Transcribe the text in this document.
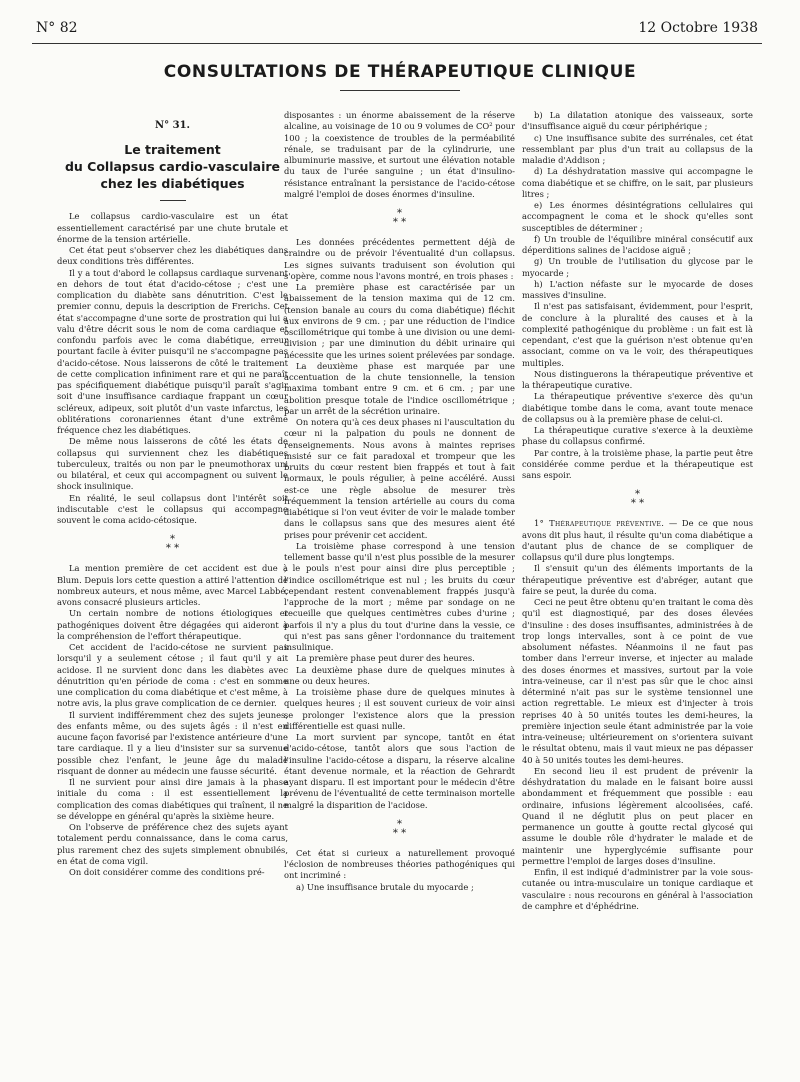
N° 82	12 Octobre 1938
CONSULTATIONS DE THÉRAPEUTIQUE CLINIQUE
N° 31.
Le traitement
du Collapsus cardio-vasculaire
chez les diabétiques

Le collapsus cardio-vasculaire est un état essentiellement caractérisé par une chute brutale et énorme de la tension artérielle.

Cet état peut s'observer chez les diabétiques dans deux conditions très différentes.

Il y a tout d'abord le collapsus cardiaque survenant en dehors de tout état d'acido-cétose ; c'est une complication du diabète sans dénutrition. C'est le premier connu, depuis la description de Frerichs. Cet état s'accompagne d'une sorte de prostration qui lui a valu d'être décrit sous le nom de coma cardiaque et confondu parfois avec le coma diabétique, erreur pourtant facile à éviter puisqu'il ne s'accompagne pas d'acido-cétose. Nous laisserons de côté le traitement de cette complication infiniment rare et qui ne paraît pas spécifiquement diabétique puisqu'il paraît s'agir soit d'une insuffisance cardiaque frappant un cœur scléreux, adipeux, soit plutôt d'un vaste infarctus, les oblitérations coronariennes étant d'une extrême fréquence chez les diabétiques.

De même nous laisserons de côté les états de collapsus qui surviennent chez les diabétiques tuberculeux, traités ou non par le pneumothorax uni ou bilatéral, et ceux qui accompagnent ou suivent le shock insulinique.

En réalité, le seul collapsus dont l'intérêt soit indiscutable c'est le collapsus qui accompagne souvent le coma acido-cétosique.

*
* *

La mention première de cet accident est due à Blum. Depuis lors cette question a attiré l'attention de nombreux auteurs, et nous même, avec Marcel Labbé, avons consacré plusieurs articles.

Un certain nombre de notions étiologiques et pathogéniques doivent être dégagées qui aideront à la compréhension de l'effort thérapeutique.

Cet accident de l'acido-cétose ne survient pas lorsqu'il y a seulement cétose ; il faut qu'il y ait acidose. Il ne survient donc dans les diabètes avec dénutrition qu'en période de coma : c'est en somme une complication du coma diabétique et c'est même, à notre avis, la plus grave complication de ce dernier.

Il survient indifféremment chez des sujets jeunes, des enfants même, ou des sujets âgés : il n'est en aucune façon favorisé par l'existence antérieure d'une tare cardiaque. Il y a lieu d'insister sur sa survenue possible chez l'enfant, le jeune âge du malade risquant de donner au médecin une fausse sécurité.

Il ne survient pour ainsi dire jamais à la phase initiale du coma : il est essentiellement la complication des comas diabétiques qui traînent, il ne se développe en général qu'après la sixième heure.

On l'observe de préférence chez des sujets ayant totalement perdu connaissance, dans le coma carus, plus rarement chez des sujets simplement obnubilés, en état de coma vigil.

On doit considérer comme des conditions pré-

disposantes : un énorme abaissement de la réserve alcaline, au voisinage de 10 ou 9 volumes de CO² pour 100 ; la coexistence de troubles de la perméabilité rénale, se traduisant par de la cylindrurie, une albuminurie massive, et surtout une élévation notable du taux de l'urée sanguine ; un état d'insulino-résistance entraînant la persistance de l'acido-cétose malgré l'emploi de doses énormes d'insuline.

*
* *

Les données précédentes permettent déjà de craindre ou de prévoir l'éventualité d'un collapsus. Les signes suivants traduisent son évolution qui s'opère, comme nous l'avons montré, en trois phases :

La première phase est caractérisée par un abaissement de la tension maxima qui de 12 cm. (tension banale au cours du coma diabétique) fléchit aux environs de 9 cm. ; par une réduction de l'indice oscillométrique qui tombe à une division ou une demi-division ; par une diminution du débit urinaire qui nécessite que les urines soient prélevées par sondage.

La deuxième phase est marquée par une accentuation de la chute tensionnelle, la tension maxima tombant entre 9 cm. et 6 cm. ; par une abolition presque totale de l'indice oscillométrique ; par un arrêt de la sécrétion urinaire.

On notera qu'à ces deux phases ni l'auscultation du cœur ni la palpation du pouls ne donnent de renseignements. Nous avons à maintes reprises insisté sur ce fait paradoxal et trompeur que les bruits du cœur restent bien frappés et tout à fait normaux, le pouls régulier, à peine accéléré. Aussi est-ce une règle absolue de mesurer très fréquemment la tension artérielle au cours du coma diabétique si l'on veut éviter de voir le malade tomber dans le collapsus sans que des mesures aient été prises pour prévenir cet accident.

La troisième phase correspond à une tension tellement basse qu'il n'est plus possible de la mesurer ; le pouls n'est pour ainsi dire plus perceptible ; l'indice oscillométrique est nul ; les bruits du cœur cependant restent convenablement frappés jusqu'à l'approche de la mort ; même par sondage on ne recueille que quelques centimètres cubes d'urine ; parfois il n'y a plus du tout d'urine dans la vessie, ce qui n'est pas sans gêner l'ordonnance du traitement insulinique.

La première phase peut durer des heures.

La deuxième phase dure de quelques minutes à une ou deux heures.

La troisième phase dure de quelques minutes à quelques heures ; il est souvent curieux de voir ainsi se prolonger l'existence alors que la pression différentielle est quasi nulle.

La mort survient par syncope, tantôt en état d'acido-cétose, tantôt alors que sous l'action de l'insuline l'acido-cétose a disparu, la réserve alcaline étant devenue normale, et la réaction de Gehrardt ayant disparu. Il est important pour le médecin d'être prévenu de l'éventualité de cette terminaison mortelle malgré la disparition de l'acidose.

*
* *

Cet état si curieux a naturellement provoqué l'éclosion de nombreuses théories pathogéniques qui ont incriminé :

a) Une insuffisance brutale du myocarde ;

b) La dilatation atonique des vaisseaux, sorte d'insuffisance aiguë du cœur périphérique ;

c) Une insuffisance subite des surrénales, cet état ressemblant par plus d'un trait au collapsus de la maladie d'Addison ;

d) La déshydratation massive qui accompagne le coma diabétique et se chiffre, on le sait, par plusieurs litres ;

e) Les énormes désintégrations cellulaires qui accompagnent le coma et le shock qu'elles sont susceptibles de déterminer ;

f) Un trouble de l'équilibre minéral consécutif aux déperditions salines de l'acidose aiguë ;

g) Un trouble de l'utilisation du glycose par le myocarde ;

h) L'action néfaste sur le myocarde de doses massives d'insuline.

Il n'est pas satisfaisant, évidemment, pour l'esprit, de conclure à la pluralité des causes et à la complexité pathogénique du problème : un fait est là cependant, c'est que la guérison n'est obtenue qu'en associant, comme on va le voir, des thérapeutiques multiples.

Nous distinguerons la thérapeutique préventive et la thérapeutique curative.

La thérapeutique préventive s'exerce dès qu'un diabétique tombe dans le coma, avant toute menace de collapsus ou à la première phase de celui-ci.

La thérapeutique curative s'exerce à la deuxième phase du collapsus confirmé.

Par contre, à la troisième phase, la partie peut être considérée comme perdue et la thérapeutique est sans espoir.

*
* *

1° Thérapeutique préventive. — De ce que nous avons dit plus haut, il résulte qu'un coma diabétique a d'autant plus de chance de se compliquer de collapsus qu'il dure plus longtemps.

Il s'ensuit qu'un des éléments importants de la thérapeutique préventive est d'abréger, autant que faire se peut, la durée du coma.

Ceci ne peut être obtenu qu'en traitant le coma dès qu'il est diagnostiqué, par des doses élevées d'insuline : des doses insuffisantes, administrées à de trop longs intervalles, sont à ce point de vue absolument néfastes. Néanmoins il ne faut pas tomber dans l'erreur inverse, et injecter au malade des doses énormes et massives, surtout par la voie intra-veineuse, car il n'est pas sûr que le choc ainsi déterminé n'ait pas sur le système tensionnel une action regrettable. Le mieux est d'injecter à trois reprises 40 à 50 unités toutes les demi-heures, la première injection seule étant administrée par la voie intra-veineuse; ultérieurement on s'orientera suivant le résultat obtenu, mais il vaut mieux ne pas dépasser 40 à 50 unités toutes les demi-heures.

En second lieu il est prudent de prévenir la déshydratation du malade en le faisant boire aussi abondamment et fréquemment que possible : eau ordinaire, infusions légèrement alcoolisées, café. Quand il ne déglutit plus on peut placer en permanence un goutte à goutte rectal glycosé qui assume le double rôle d'hydrater le malade et de maintenir une hyperglycémie suffisante pour permettre l'emploi de larges doses d'insuline.

Enfin, il est indiqué d'administrer par la voie sous-cutanée ou intra-musculaire un tonique cardiaque et vasculaire : nous recourons en général à l'association de camphre et d'éphédrine.
